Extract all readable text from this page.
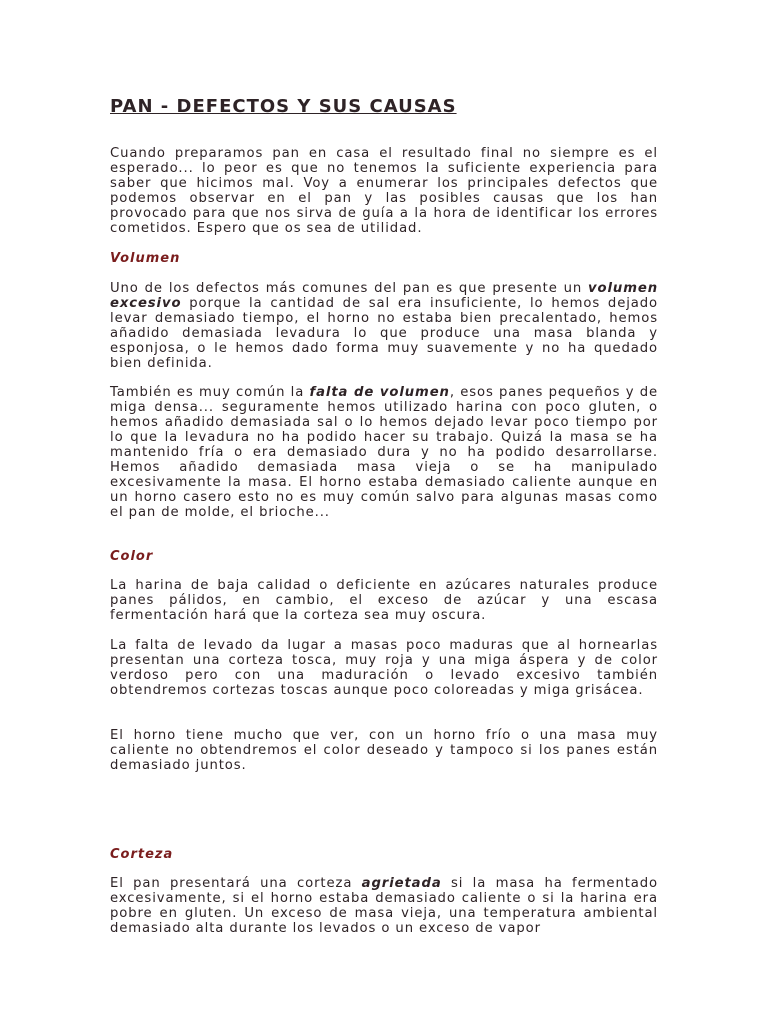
PAN - DEFECTOS Y SUS CAUSAS

Cuando preparamos pan en casa el resultado final no siempre es el esperado... lo peor es que no tenemos la suficiente experiencia para saber que hicimos mal. Voy a enumerar los principales defectos que podemos observar en el pan y las posibles causas que los han provocado para que nos sirva de guía a la hora de identificar los errores cometidos. Espero que os sea de utilidad.

Volumen

Uno de los defectos más comunes del pan es que presente un volumen excesivo porque la cantidad de sal era insuficiente, lo hemos dejado levar demasiado tiempo, el horno no estaba bien precalentado, hemos añadido demasiada levadura lo que produce una masa blanda y esponjosa, o le hemos dado forma muy suavemente y no ha quedado bien definida.

También es muy común la falta de volumen, esos panes pequeños y de miga densa... seguramente hemos utilizado harina con poco gluten, o hemos añadido demasiada sal o lo hemos dejado levar poco tiempo por lo que la levadura no ha podido hacer su trabajo. Quizá la masa se ha mantenido fría o era demasiado dura y no ha podido desarrollarse. Hemos añadido demasiada masa vieja o se ha manipulado excesivamente la masa. El horno estaba demasiado caliente aunque en un horno casero esto no es muy común salvo para algunas masas como el pan de molde, el brioche...

Color

La harina de baja calidad o deficiente en azúcares naturales produce panes pálidos, en cambio, el exceso de azúcar y una escasa fermentación hará que la corteza sea muy oscura.

La falta de levado da lugar a masas poco maduras que al hornearlas presentan una corteza tosca, muy roja y una miga áspera y de color verdoso pero con una maduración o levado excesivo también obtendremos cortezas toscas aunque poco coloreadas y miga grisácea.

El horno tiene mucho que ver, con un horno frío o una masa muy caliente no obtendremos el color deseado y tampoco si los panes están demasiado juntos.

Corteza

El pan presentará una corteza agrietada si la masa ha fermentado excesivamente, si el horno estaba demasiado caliente o si la harina era pobre en gluten. Un exceso de masa vieja, una temperatura ambiental demasiado alta durante los levados o un exceso de vapor
